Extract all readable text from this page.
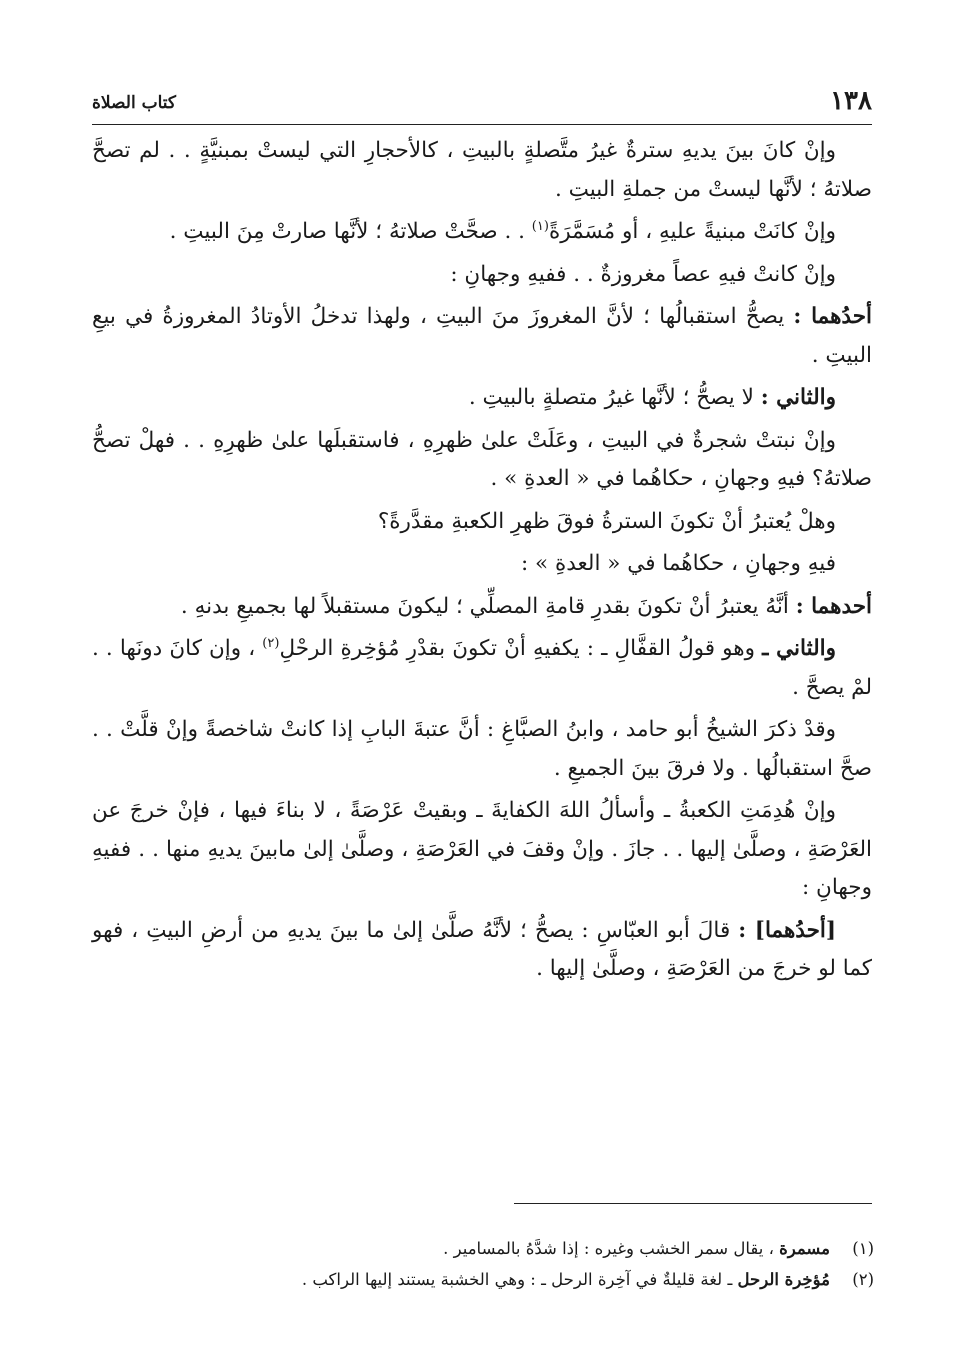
١٣٨
كتاب الصلاة

وإنْ كانَ بينَ يديهِ سترةٌ غيرُ متَّصلةٍ بالبيتِ ، كالأحجارِ التي ليستْ بمبنيَّةٍ . . لم تصحَّ صلاتهُ ؛ لأنَّها ليستْ من جملةِ البيتِ .

وإنْ كانَتْ مبنيةً عليهِ ، أو مُسَمَّرَةً$^{(١)}$ . . صحَّتْ صلاتهُ ؛ لأنَّها صارتْ مِنَ البيتِ .

وإنْ كانتْ فيهِ عصاً مغروزةٌ . . ففيهِ وجهانِ :

أحدُهما : يصحُّ استقبالُها ؛ لأنَّ المغروزَ منَ البيتِ ، ولهذا تدخلُ الأوتادُ المغروزةُ في بيعِ البيتِ .

والثاني : لا يصحُّ ؛ لأنَّها غيرُ متصلةٍ بالبيتِ .

وإنْ نبتتْ شجرةٌ في البيتِ ، وعَلَتْ علىٰ ظهرِهِ ، فاستقبلَها علىٰ ظهرِهِ . . فهلْ تصحُّ صلاتهُ؟ فيهِ وجهانِ ، حكاهُما في « العدةِ » .

وهلْ يُعتبرُ أنْ تكونَ السترةُ فوقَ ظهرِ الكعبةِ مقدَّرةً؟

فيهِ وجهانِ ، حكاهُما في « العدةِ » :

أحدهما : أنَّهُ يعتبرُ أنْ تكونَ بقدرِ قامةِ المصلِّي ؛ ليكونَ مستقبلاً لها بجميعِ بدنهِ .

والثاني ـ وهو قولُ القفَّالِ ـ : يكفيهِ أنْ تكونَ بقدْرِ مُؤخِرةِ الرحْلِ$^{(٢)}$ ، وإن كانَ دونَها . . لمْ يصحَّ .

وقدْ ذكرَ الشيخُ أبو حامد ، وابنُ الصبَّاغِ : أنَّ عتبةَ البابِ إذا كانتْ شاخصةً وإنْ قلَّتْ . . صحَّ استقبالُها . ولا فرقَ بينَ الجميعِ .

وإنْ هُدِمَتِ الكعبةُ ـ وأسألُ اللهَ الكفايةَ ـ وبقيتْ عَرْصَةً ، لا بناءَ فيها ، فإنْ خرجَ عن العَرْصَةِ ، وصلَّىٰ إليها . . جازَ . وإنْ وقفَ في العَرْصَةِ ، وصلَّىٰ إلىٰ مابينَ يديهِ منها . . ففيهِ وجهانِ :

[أحدُهما] : قالَ أبو العبّاسِ : يصحُّ ؛ لأنَّهُ صلَّىٰ إلىٰ ما بينَ يديهِ من أرضِ البيتِ ، فهو كما لو خرجَ من العَرْصَةِ ، وصلَّىٰ إليها .

(١)مسمرة ، يقال سمر الخشب وغيره : إذا شدَّهُ بالمسامير .

(٢)مُؤخِرة الرحل ـ لغة قليلةٌ في آخِرة الرحل ـ : وهي الخشبة يستند إليها الراكب .
